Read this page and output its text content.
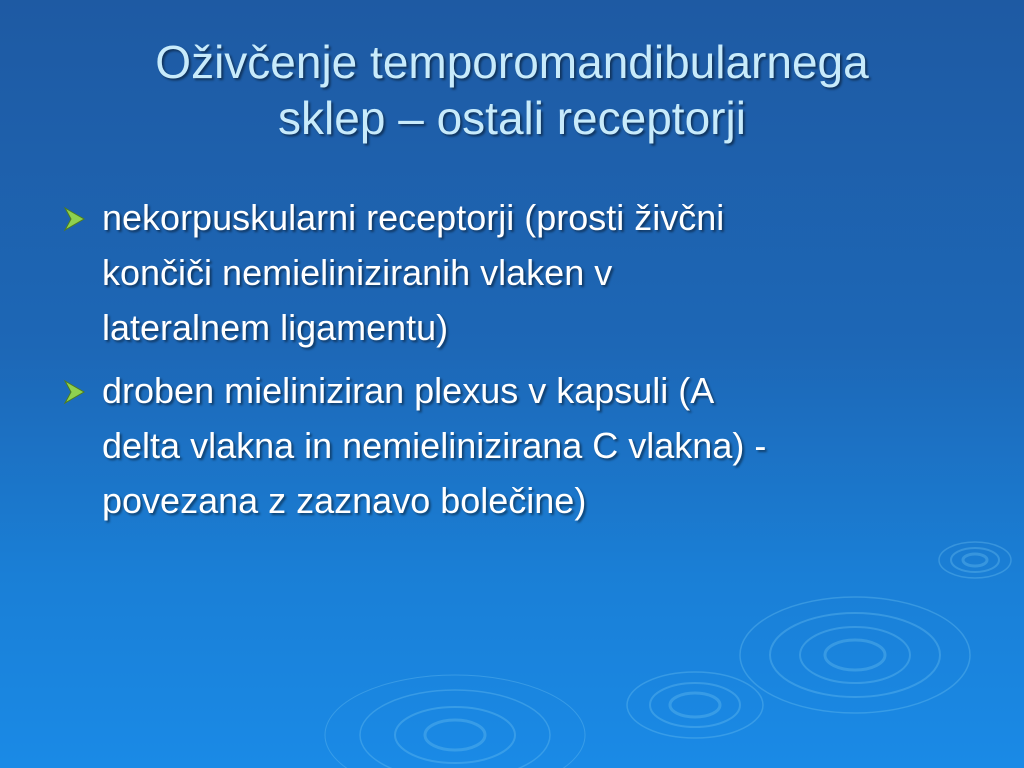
Oživčenje temporomandibularnega
sklep – ostali receptorji
nekorpuskularni receptorji (prosti živčni
končiči nemieliniziranih vlaken v
lateralnem ligamentu)
droben mieliniziran plexus v kapsuli (A
delta vlakna in nemielinizirana C vlakna) -
povezana z zaznavo bolečine)
